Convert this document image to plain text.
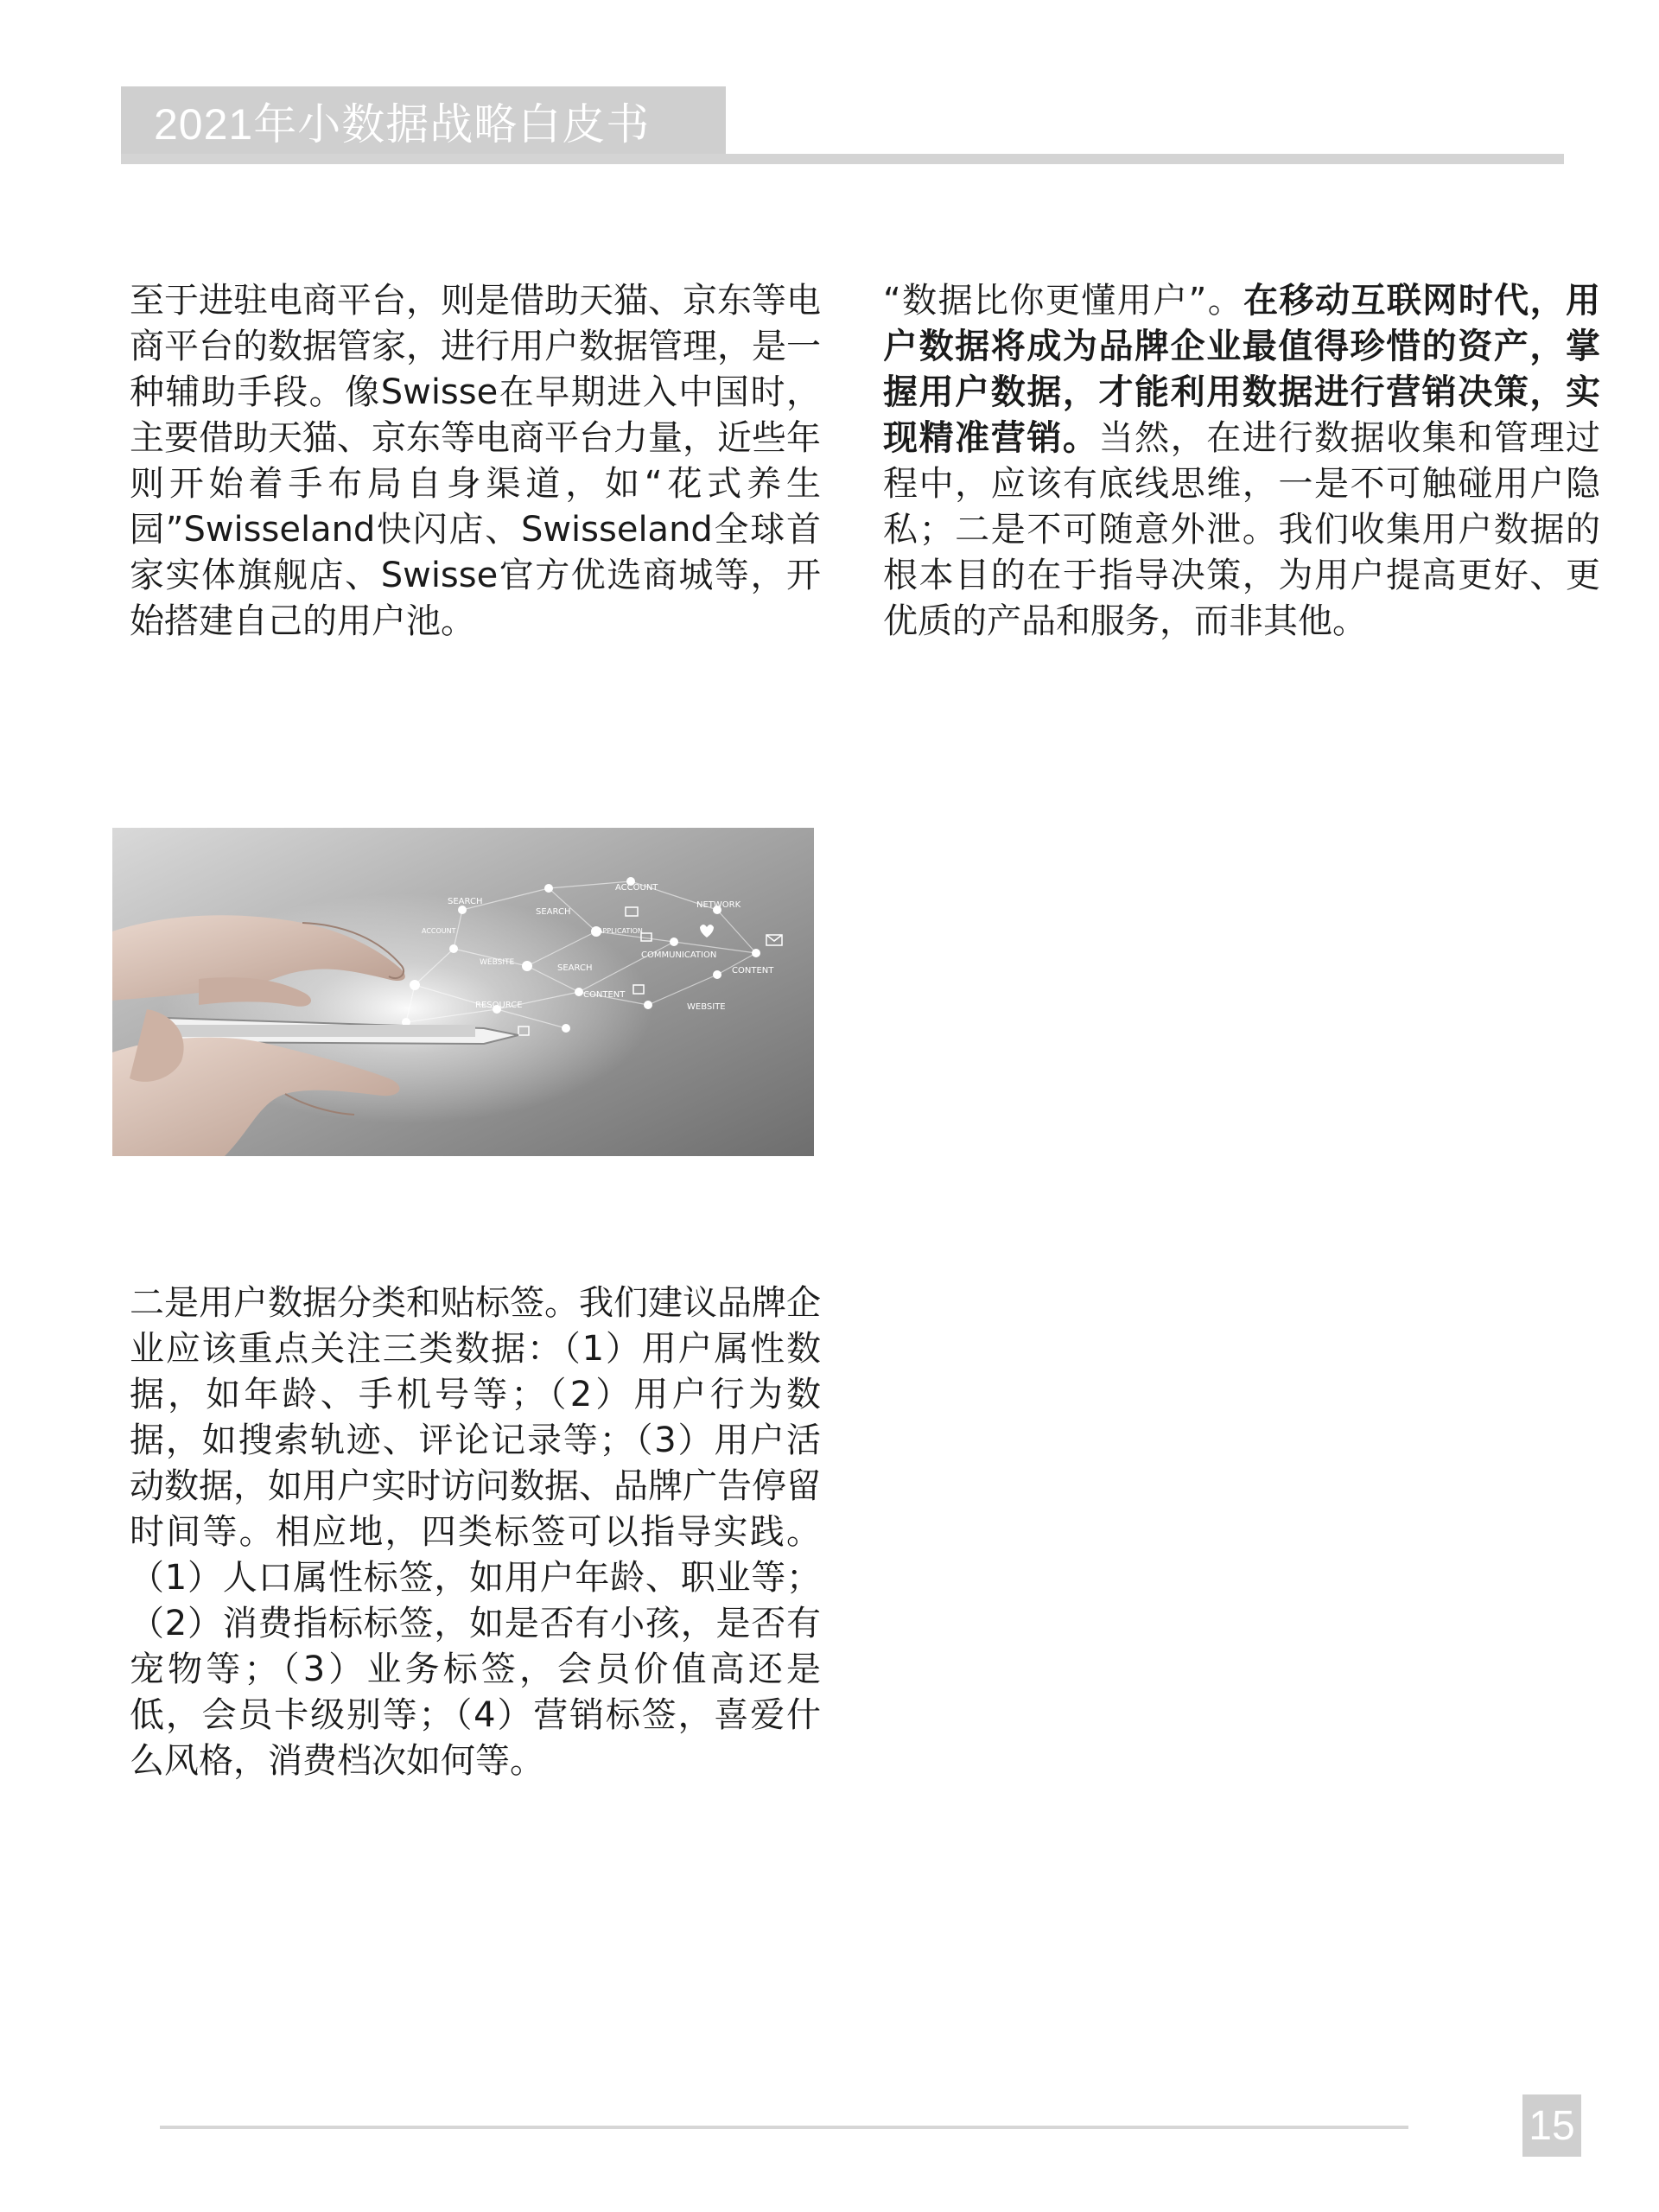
2021年小数据战略白皮书

至于进驻电商平台，则是借助天猫、京东等电商平台的数据管家，进行用户数据管理，是一种辅助手段。像Swisse在早期进入中国时，主要借助天猫、京东等电商平台力量，近些年则开始着手布局自身渠道，如“花式养生园”Swisseland快闪店、Swisseland全球首家实体旗舰店、Swisse官方优选商城等，开始搭建自己的用户池。

“数据比你更懂用户”。在移动互联网时代，用户数据将成为品牌企业最值得珍惜的资产，掌握用户数据，才能利用数据进行营销决策，实现精准营销。当然，在进行数据收集和管理过程中，应该有底线思维，一是不可触碰用户隐私；二是不可随意外泄。我们收集用户数据的根本目的在于指导决策，为用户提高更好、更优质的产品和服务，而非其他。

SEARCH
SEARCH
ACCOUNT
NETWORK
ACCOUNT	APPLICATION
COMMUNICATION
WEBSITE
SEARCH	CONTENT
RESOURCE
CONTENT
WEBSITE

二是用户数据分类和贴标签。我们建议品牌企业应该重点关注三类数据：（1）用户属性数据，如年龄、手机号等；（2）用户行为数据，如搜索轨迹、评论记录等；（3）用户活动数据，如用户实时访问数据、品牌广告停留时间等。相应地，四类标签可以指导实践。（1）人口属性标签，如用户年龄、职业等；（2）消费指标标签，如是否有小孩，是否有宠物等；（3）业务标签，会员价值高还是低，会员卡级别等；（4）营销标签，喜爱什么风格，消费档次如何等。

15
